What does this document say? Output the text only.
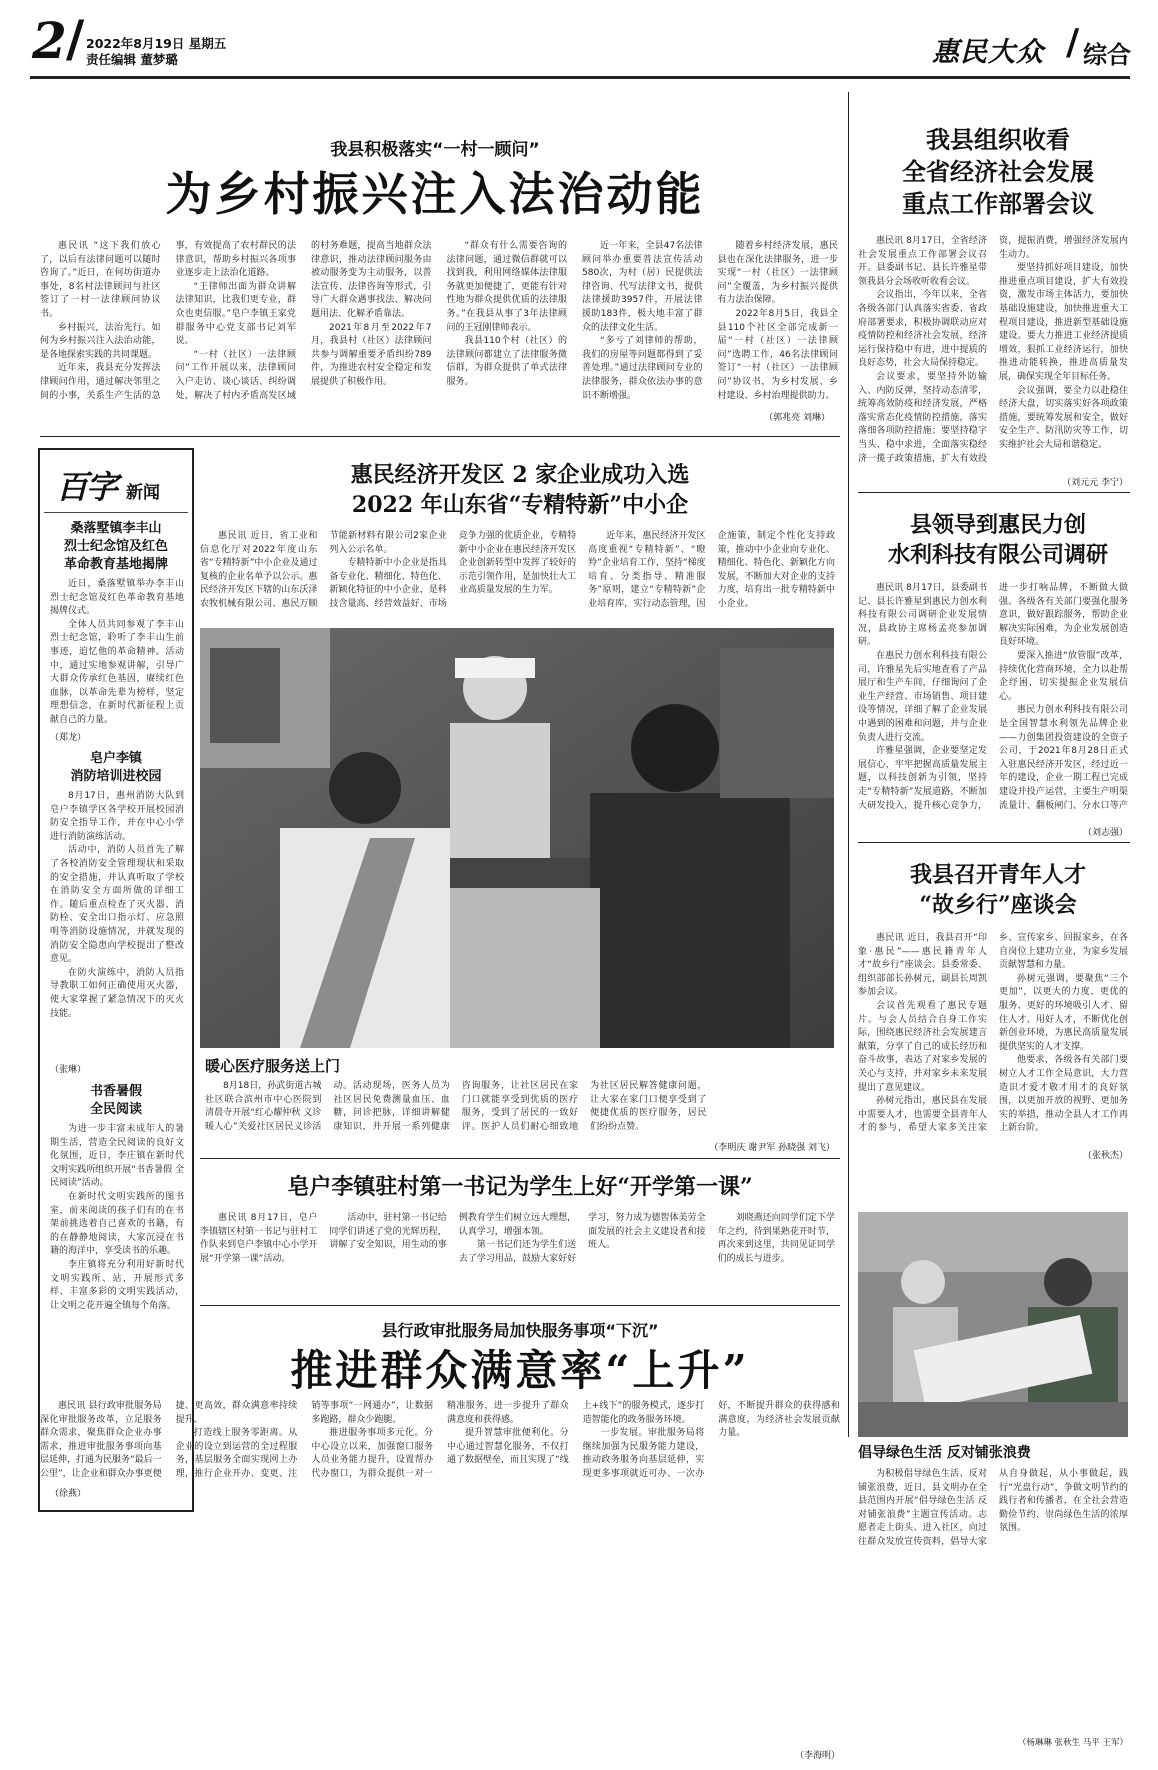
2 / 2022年8月19日 星期五
责任编辑 董梦璐	惠民大众 / 综合
我县积极落实“一村一顾问”
为乡村振兴注入法治动能

惠民讯 “这下我们放心了，以后有法律问题可以随时咨询了。”近日，在何坊街道办事处，8名村法律顾问与社区签订了一村一法律顾问协议书。

乡村振兴，法治先行。如何为乡村振兴注入法治动能，是各地探索实践的共同课题。

近年来，我县充分发挥法律顾问作用，通过解决邻里之间的小事，关系生产生活的急事，有效提高了农村群民的法律意识，帮助乡村振兴各项事业逐步走上法治化道路。

“王律师出面为群众讲解法律知识，比我们更专业，群众也更信服。”皂户李镇王家党群服务中心党支部书记刘军说。

“一村（社区）一法律顾问”工作开展以来，法律顾问入户走访、谈心谈话、纠纷调处，解决了村内矛盾高发区域的村务难题，提高当地群众法律意识，推动法律顾问服务由被动服务变为主动服务，以普法宣传、法律咨询等形式，引导广大群众遇事找法、解决问题用法、化解矛盾靠法。

2021年8月至2022年7月，我县村（社区）法律顾问共参与调解重要矛盾纠纷789件，为推进农村安全稳定和发展提供了积极作用。

“群众有什么需要咨询的法律问题，通过微信群就可以找到我，利用网络媒体法律服务就更加便捷了，更能有针对性地为群众提供优质的法律服务。”在我县从事了3年法律顾问的王冠刚律师表示。

我县110个村（社区）的法律顾问都建立了法律服务微信群，为群众提供了单式法律服务。

近一年来，全县47名法律顾问举办重要普法宣传活动580次，为村（居）民提供法律咨询、代写法律文书，提供法律援助3957件，开展法律援助183件，极大地丰富了群众的法律文化生活。

“多亏了刘律师的帮助，我们的房屋等问题都得到了妥善处理。”通过法律顾问专业的法律服务，群众依法办事的意识不断增强。

随着乡村经济发展，惠民县也在深化法律服务，进一步实现“一村（社区）一法律顾问”全覆盖，为乡村振兴提供有力法治保障。

2022年8月5日，我县全县110个社区全部完成新一届“一村（社区）一法律顾问”选聘工作，46名法律顾问签订“一村（社区）一法律顾问”协议书，为乡村发展、乡村建设、乡村治理提供助力。

（郭兆亮 刘琳）
我县组织收看
全省经济社会发展
重点工作部署会议

惠民讯 8月17日，全省经济社会发展重点工作部署会议召开。县委副书记、县长许雅星带领我县分会场收听收看会议。

会议指出，今年以来，全省各级各部门认真落实省委、省政府部署要求，积极协调联动应对疫情防控和经济社会发展，经济运行保持稳中有进，进中提质的良好态势，社会大局保持稳定。

会议要求，要坚持外防输入、内防反弹，坚持动态清零，统筹高效防疫和经济发展，严格落实常态化疫情防控措施，落实落细各项防控措施；要坚持稳字当头、稳中求进，全面落实稳经济一揽子政策措施，扩大有效投资，提振消费，增强经济发展内生动力。

要坚持抓好项目建设，加快推进重点项目建设，扩大有效投资，激发市场主体活力，要加快基础设施建设，加快推进重大工程项目建设，推进新型基础设施建设。要大力推进工业经济提质增效，狠抓工业经济运行，加快推进动能转换，推进高质量发展，确保实现全年目标任务。

会议强调，要全力以赴稳住经济大盘，切实落实好各项政策措施，要统筹发展和安全，做好安全生产、防汛防灾等工作，切实维护社会大局和谐稳定。

（刘元元 李宁）
百字 新闻
桑落墅镇李丰山
烈士纪念馆及红色
革命教育基地揭牌

近日，桑落墅镇举办李丰山烈士纪念馆及红色革命教育基地揭牌仪式。

全体人员共同参观了李丰山烈士纪念馆，聆听了李丰山生前事迹，追忆他的革命精神。活动中，通过实地参观讲解，引导广大群众传承红色基因，赓续红色血脉，以革命先辈为榜样，坚定理想信念，在新时代新征程上贡献自己的力量。

（郑龙）
皂户李镇
消防培训进校园

8月17日，惠州消防大队到皂户李镇学区各学校开展校园消防安全指导工作，并在中心小学进行消防演练活动。

活动中，消防人员首先了解了各校消防安全管理现状和采取的安全措施，并认真听取了学校在消防安全方面所做的详细工作。随后重点检查了灭火器、消防栓、安全出口指示灯、应急照明等消防设施情况，并就发现的消防安全隐患向学校提出了整改意见。

在防火演练中，消防人员指导教职工如何正确使用灭火器，使大家掌握了紧急情况下的灭火技能。

（张琳）
书香暑假
全民阅读

为进一步丰富未成年人的暑期生活，营造全民阅读的良好文化氛围，近日，李庄镇在新时代文明实践所组织开展“书香暑假 全民阅读”活动。

在新时代文明实践所的图书室，前来阅读的孩子们有的在书架前挑选着自己喜欢的书籍，有的在静静地阅读，大家沉浸在书籍的海洋中，享受读书的乐趣。

李庄镇将充分利用好新时代文明实践所、站，开展形式多样、丰富多彩的文明实践活动，让文明之花开遍全镇每个角落。

（徐燕）
惠民经济开发区 2 家企业成功入选
2022 年山东省“专精特新”中小企

惠民讯 近日，省工业和信息化厅对2022年度山东省“专精特新”中小企业及通过复核的企业名单予以公示。惠民经济开发区下辖的山东沃泽农牧机械有限公司、惠民万顺节能新材料有限公司2家企业列入公示名单。

专精特新中小企业是指具备专业化、精细化、特色化、新颖化特征的中小企业，是科技含量高、经营效益好、市场竞争力强的优质企业，专精特新中小企业在惠民经济开发区企业创新转型中发挥了较好的示范引领作用，是加快壮大工业高质量发展的生力军。

近年来，惠民经济开发区高度重视“专精特新”、“瞪羚”企业培育工作，坚持“梯度培育、分类指导、精准服务”原则，建立“专精特新”企业培育库，实行动态管理，因企施策，制定个性化支持政策，推动中小企业向专业化、精细化、特色化、新颖化方向发展，不断加大对企业的支持力度，培育出一批专精特新中小企业。

暖心医疗服务送上门

8月18日，孙武街道古城社区联合滨州市中心医院到清晨寺开展“红心耀仲秋 义诊暖人心”关爱社区居民义诊活动。活动现场，医务人员为社区居民免费测量血压、血糖，问诊把脉，详细讲解健康知识，并开展一系列健康咨询服务，让社区居民在家门口就能享受到优质的医疗服务，受到了居民的一致好评。医护人员们耐心细致地为社区居民解答健康问题，让大家在家门口便享受到了便捷优质的医疗服务，居民们纷纷点赞。

（李明庆 谢尹军 孙晓强 刘飞）
县领导到惠民力创
水利科技有限公司调研

惠民讯 8月17日，县委副书记、县长许雅星到惠民力创水利科技有限公司调研企业发展情况，县政协主席杨孟亮参加调研。

在惠民力创水利科技有限公司，许雅星先后实地查看了产品展厅和生产车间，仔细询问了企业生产经营、市场销售、项目建设等情况，详细了解了企业发展中遇到的困难和问题，并与企业负责人进行交流。

许雅星强调，企业要坚定发展信心，牢牢把握高质量发展主题，以科技创新为引领，坚持走“专精特新”发展道路，不断加大研发投入，提升核心竞争力，进一步打响品牌，不断做大做强。各级各有关部门要强化服务意识，做好跟踪服务，帮助企业解决实际困难，为企业发展创造良好环境。

要深入推进“放管服”改革，持续优化营商环境，全力以赴帮企纾困，切实提振企业发展信心。

惠民力创水利科技有限公司是全国智慧水利领先品牌企业——力创集团投资建设的全资子公司，于2021年8月28日正式入驻惠民经济开发区，经过近一年的建设，企业一期工程已完成建设并投产运营，主要生产明渠流量计、翻板闸门、分水口等产

（刘志强）
我县召开青年人才
“故乡行”座谈会

惠民讯 近日，我县召开“印象·惠民”——惠民籍青年人才“故乡行”座谈会。县委常委、组织部部长孙树元，副县长周凯参加会议。

会议首先观看了惠民专题片。与会人员结合自身工作实际，围绕惠民经济社会发展建言献策，分享了自己的成长经历和奋斗故事，表达了对家乡发展的关心与支持，并对家乡未来发展提出了意见建议。

孙树元指出，惠民县在发展中需要人才，也需要全县青年人才的参与，希望大家多关注家乡、宣传家乡、回报家乡，在各自岗位上建功立业，为家乡发展贡献智慧和力量。

孙树元强调，要聚焦“三个更加”，以更大的力度、更优的服务、更好的环境吸引人才、留住人才、用好人才，不断优化创新创业环境，为惠民高质量发展提供坚实的人才支撑。

他要求，各级各有关部门要树立人才工作全局意识，大力营造识才爱才敬才用才的良好氛围，以更加开放的视野、更加务实的举措，推动全县人才工作再上新台阶。

（张秋杰）
皂户李镇驻村第一书记为学生上好“开学第一课”

惠民讯 8月17日，皂户李镇辖区村第一书记与驻村工作队来到皂户李镇中心小学开展“开学第一课”活动。

活动中，驻村第一书记给同学们讲述了党的光辉历程，讲解了安全知识，用生动的事例教育学生们树立远大理想，认真学习，增强本领。

第一书记们还为学生们送去了学习用品，鼓励大家好好学习，努力成为德智体美劳全面发展的社会主义建设者和接班人。

刘晓燕还向同学们定下学年之约，待到果熟花开时节，再次来到这里，共同见证同学们的成长与进步。

倡导绿色生活 反对铺张浪费

为积极倡导绿色生活、反对铺张浪费，近日，县文明办在全县范围内开展“倡导绿色生活 反对铺张浪费”主题宣传活动。志愿者走上街头、进入社区，向过往群众发放宣传资料，倡导大家从自身做起，从小事做起，践行“光盘行动”，争做文明节约的践行者和传播者，在全社会营造勤俭节约、崇尚绿色生活的浓厚氛围。

（杨琳琳 张秋生 马平 王军）
县行政审批服务局加快服务事项“下沉”
推进群众满意率“上升”

惠民讯 县行政审批服务局深化审批服务改革，立足服务群众需求，聚焦群众企业办事需求，推进审批服务事项向基层延伸，打通为民服务“最后一公里”，让企业和群众办事更便捷、更高效，群众满意率持续提升。

打造线上服务零距离。从企业的设立到运营的全过程服务，基层服务全面实现网上办理，推行企业开办、变更、注销等事项“一网通办”，让数据多跑路，群众少跑腿。

推进服务事项多元化。分中心设立以来，加强窗口服务人员业务能力提升，设置帮办代办窗口，为群众提供一对一精准服务，进一步提升了群众满意度和获得感。

提升智慧审批便利化。分中心通过智慧化服务，不仅打通了数据壁垒，而且实现了“线上+线下”的服务模式，逐步打造智能化的政务服务环境。

一步发展。审批服务局将继续加强为民服务能力建设，推动政务服务向基层延伸，实现更多事项就近可办、一次办好，不断提升群众的获得感和满意度，为经济社会发展贡献力量。

（李海明）
